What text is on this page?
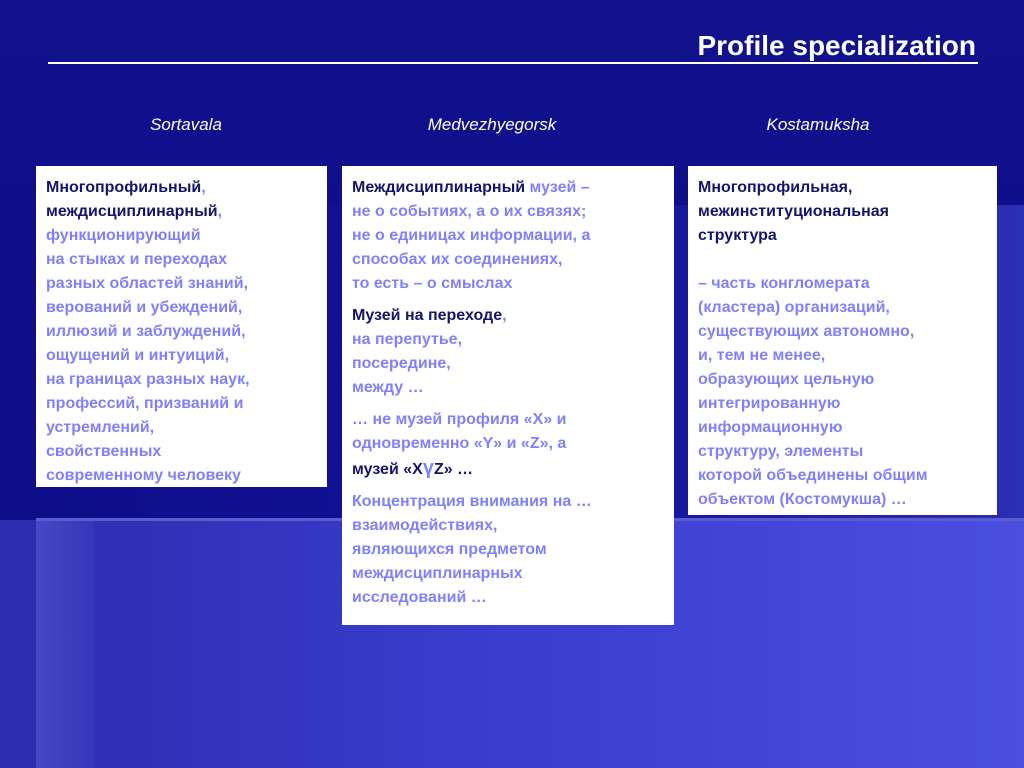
Profile specialization
Sortavala	Medvezhyegorsk	Kostamuksha

Многопрофильный,

междисциплинарный,

функционирующий

на стыках и переходах

разных областей знаний,

верований и убеждений,

иллюзий и заблуждений,

ощущений и интуиций,

на границах разных наук,

профессий, призваний и

устремлений,

свойственных

современному человеку

Междисциплинарный музей –

не о событиях, а о их связях;

не о единицах информации, а

способах их соединениях,

то есть – о смыслах

Музей на переходе,

на перепутье,

посередине,

между …

… не музей профиля «X» и

одновременно «Y» и «Z», а

музей «XүZ» …

Концентрация внимания на …

взаимодействиях,

являющихся предметом

междисциплинарных

исследований …

Многопрофильная,

межинституциональная

структура

– часть конгломерата

(кластера) организаций,

существующих автономно,

и, тем не менее,

образующих цельную

интегрированную

информационную

структуру, элементы

которой объединены общим

объектом (Костомукша) …
